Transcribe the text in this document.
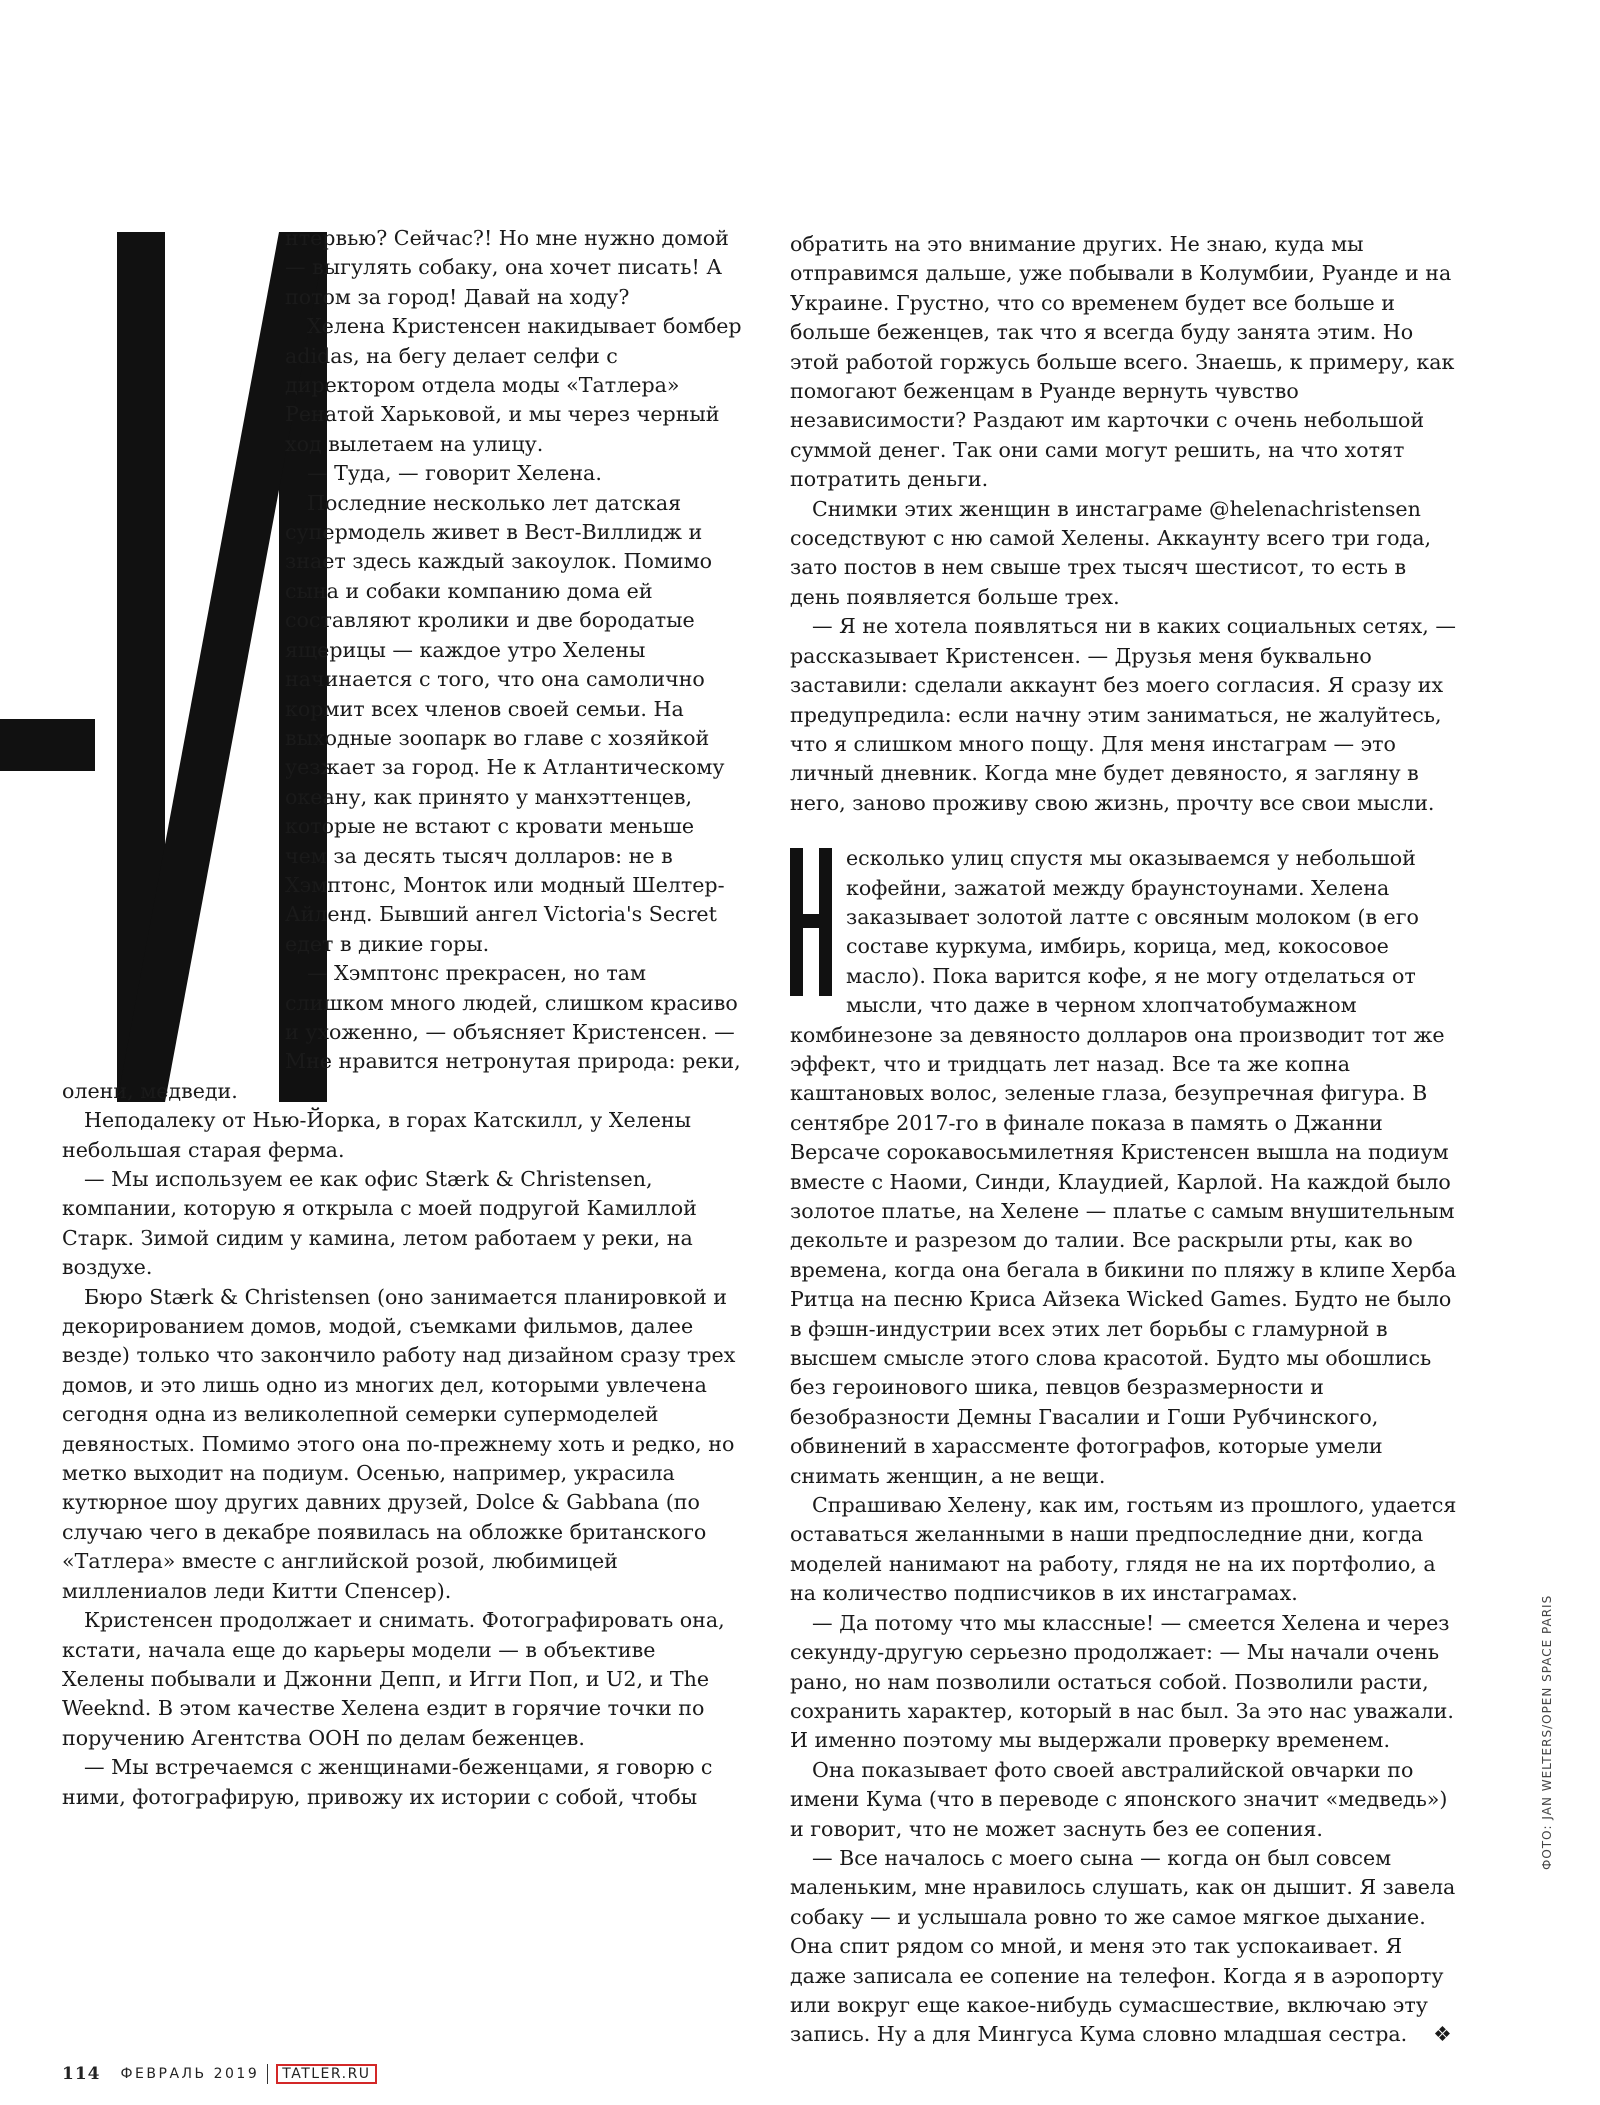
нтервью? Сейчас?! Но мне нужно домой — выгулять собаку, она хочет писать! А потом за город! Давай на ходу?

Хелена Кристенсен накидывает бомбер adidas, на бегу делает селфи с директором отдела моды «Татлера» Ренатой Харьковой, и мы через черный ход вылетаем на улицу.

— Туда, — говорит Хелена.

Последние несколько лет датская супермодель живет в Вест-Виллидж и знает здесь каждый закоулок. Помимо сына и собаки компанию дома ей составляют кролики и две бородатые ящерицы — каждое утро Хелены начинается с того, что она самолично кормит всех членов своей семьи. На выходные зоопарк во главе с хозяйкой уезжает за город. Не к Атлантическому океану, как принято у манхэттенцев, которые не встают с кровати меньше чем за десять тысяч долларов: не в Хэмптонс, Монток или модный Шелтер-Айленд. Бывший ангел Victoria's Secret едет в дикие горы.

— Хэмптонс прекрасен, но там слишком много людей, слишком красиво и ухоженно, — объясняет Кристенсен. — Мне нравится нетронутая природа: реки, олени, медведи.

Неподалеку от Нью-Йорка, в горах Катскилл, у Хелены небольшая старая ферма.

— Мы используем ее как офис Stærk & Christensen, компании, которую я открыла с моей подругой Камиллой Старк. Зимой сидим у камина, летом работаем у реки, на воздухе.

Бюро Stærk & Christensen (оно занимается планировкой и декорированием домов, модой, съемками фильмов, далее везде) только что закончило работу над дизайном сразу трех домов, и это лишь одно из многих дел, которыми увлечена сегодня одна из великолепной семерки супермоделей девяностых. Помимо этого она по-прежнему хоть и редко, но метко выходит на подиум. Осенью, например, украсила кутюрное шоу других давних друзей, Dolce & Gabbana (по случаю чего в декабре появилась на обложке британского «Татлера» вместе с английской розой, любимицей миллениалов леди Китти Спенсер).

Кристенсен продолжает и снимать. Фотографировать она, кстати, начала еще до карьеры модели — в объективе Хелены побывали и Джонни Депп, и Игги Поп, и U2, и The Weeknd. В этом качестве Хелена ездит в горячие точки по поручению Агентства ООН по делам беженцев.

— Мы встречаемся с женщинами-беженцами, я говорю с ними, фотографирую, привожу их истории с собой, чтобы

обратить на это внимание других. Не знаю, куда мы отправимся дальше, уже побывали в Колумбии, Руанде и на Украине. Грустно, что со временем будет все больше и больше беженцев, так что я всегда буду занята этим. Но этой работой горжусь больше всего. Знаешь, к примеру, как помогают беженцам в Руанде вернуть чувство независимости? Раздают им карточки с очень небольшой суммой денег. Так они сами могут решить, на что хотят потратить деньги.

Снимки этих женщин в инстаграме @helenachristensen соседствуют с ню самой Хелены. Аккаунту всего три года, зато постов в нем свыше трех тысяч шестисот, то есть в день появляется больше трех.

— Я не хотела появляться ни в каких социальных сетях, — рассказывает Кристенсен. — Друзья меня буквально заставили: сделали аккаунт без моего согласия. Я сразу их предупредила: если начну этим заниматься, не жалуйтесь, что я слишком много пощу. Для меня инстаграм — это личный дневник. Когда мне будет девяносто, я загляну в него, заново проживу свою жизнь, прочту все свои мысли.

есколько улиц спустя мы оказываемся у небольшой кофейни, зажатой между браунстоунами. Хелена заказывает золотой латте с овсяным молоком (в его составе куркума, имбирь, корица, мед, кокосовое масло). Пока варится кофе, я не могу отделаться от мысли, что даже в черном хлопчатобумажном комбинезоне за девяносто долларов она производит тот же эффект, что и тридцать лет назад. Все та же копна каштановых волос, зеленые глаза, безупречная фигура. В сентябре 2017-го в финале показа в память о Джанни Версаче сорокавосьмилетняя Кристенсен вышла на подиум вместе с Наоми, Синди, Клаудией, Карлой. На каждой было золотое платье, на Хелене — платье с самым внушительным декольте и разрезом до талии. Все раскрыли рты, как во времена, когда она бегала в бикини по пляжу в клипе Херба Ритца на песню Криса Айзека Wicked Games. Будто не было в фэшн-индустрии всех этих лет борьбы с гламурной в высшем смысле этого слова красотой. Будто мы обошлись без героинового шика, певцов безразмерности и безобразности Демны Гвасалии и Гоши Рубчинского, обвинений в харассменте фотографов, которые умели снимать женщин, а не вещи.

Спрашиваю Хелену, как им, гостьям из прошлого, удается оставаться желанными в наши предпоследние дни, когда моделей нанимают на работу, глядя не на их портфолио, а на количество подписчиков в их инстаграмах.

— Да потому что мы классные! — смеется Хелена и через секунду-другую серьезно продолжает: — Мы начали очень рано, но нам позволили остаться собой. Позволили расти, сохранить характер, который в нас был. За это нас уважали. И именно поэтому мы выдержали проверку временем.

Она показывает фото своей австралийской овчарки по имени Кума (что в переводе с японского значит «медведь») и говорит, что не может заснуть без ее сопения.

— Все началось с моего сына — когда он был совсем маленьким, мне нравилось слушать, как он дышит. Я завела собаку — и услышала ровно то же самое мягкое дыхание. Она спит рядом со мной, и меня это так успокаивает. Я даже записала ее сопение на телефон. Когда я в аэропорту или вокруг еще какое-нибудь сумасшествие, включаю эту запись. Ну а для Мингуса Кума словно младшая сестра. ❖

114 ФЕВРАЛЬ 2019	TATLER.RU
ФОТО: JAN WELTERS/OPEN SPACE PARIS
